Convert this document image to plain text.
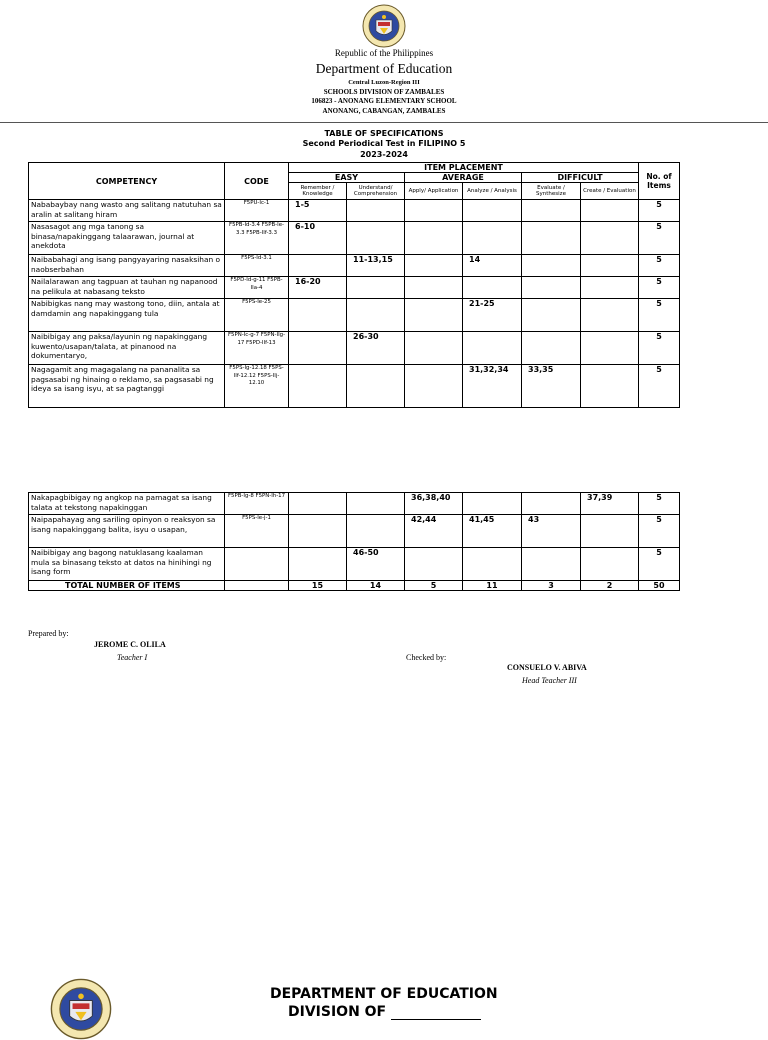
Republic of the Philippines
Department of Education
Central Luzon-Region III
SCHOOLS DIVISION OF ZAMBALES
106823 - ANONANG ELEMENTARY SCHOOL
ANONANG, CABANGAN, ZAMBALES
TABLE OF SPECIFICATIONS
Second Periodical Test in FILIPINO 5
2023-2024
COMPETENCY	CODE	ITEM PLACEMENT						No. of Items
		EASY		AVERAGE		DIFFICULT		
		Remember / Knowledge	Understand/ Comprehension	Apply/ Application	Analyze / Analysis	Evaluate / Synthesize	Create / Evaluation	
Nababaybay nang wasto ang salitang natutuhan sa aralin at salitang hiram	F5PU-Ic-1	1-5						5
Nasasagot ang mga tanong sa binasa/napakinggang talaarawan, journal at anekdota	F5PB-Id-3.4 F5PB-Ie-3.3 F5PB-IIf-3.3	6-10						5
Naibabahagi ang isang pangyayaring nasaksihan o naobserbahan	F5PS-Id-3.1		11-13,15		14			5
Nailalarawan ang tagpuan at tauhan ng napanood na pelikula at nabasang teksto	F5PD-Id-g-11 F5PB-IIa-4	16-20						5
Nabibigkas nang may wastong tono, diin, antala at damdamin ang napakinggang tula	F5PS-Ie-25				21-25			5
Naibibigay ang paksa/layunin ng napakinggang kuwento/usapan/talata, at pinanood na dokumentaryo,	F5PN-Ic-g-7 F5PN-IIg-17 F5PD-IIf-13		26-30					5
Nagagamit ang magagalang na pananalita sa pagsasabi ng hinaing o reklamo, sa pagsasabi ng ideya sa isang isyu, at sa pagtanggi	F5PS-Ig-12.18 F5PS-IIf-12.12 F5PS-IIj-12.10				31,32,34	33,35		5
Nakapagbibigay ng angkop na pamagat sa isang talata at tekstong napakinggan	F5PB-Ig-8 F5PN-Ih-17			36,38,40			37,39	5
Naipapahayag ang sariling opinyon o reaksyon sa isang napakinggang balita, isyu o usapan,	F5PS-Ie-j-1			42,44	41,45	43		5
Naibibigay ang bagong natuklasang kaalaman mula sa binasang teksto at datos na hinihingi ng isang form			46-50					5
TOTAL NUMBER OF ITEMS		15	14	5	11	3	2	50
Prepared by:
JEROME C. OLILA
Teacher I	Checked by:
CONSUELO V. ABIVA
Head Teacher III
DEPARTMENT OF EDUCATION
DIVISION OF
